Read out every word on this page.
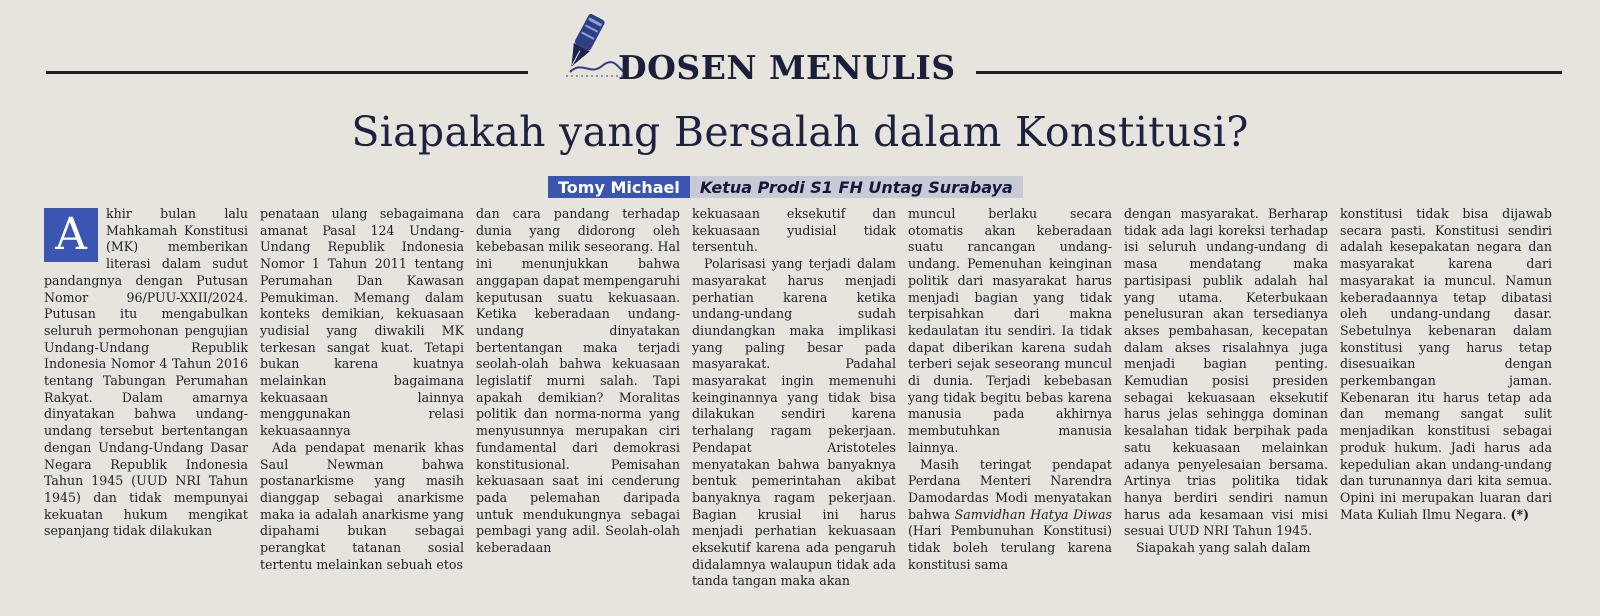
DOSEN MENULIS
Siapakah yang Bersalah dalam Konstitusi?
Tomy Michael	Ketua Prodi S1 FH Untag Surabaya

A	khir bulan lalu Mahkamah Konstitusi (MK) memberikan literasi dalam sudut pandangnya dengan Putusan Nomor 96/PUU-XXII/2024. Putusan itu mengabulkan seluruh permohonan pengujian Undang-Undang Republik Indonesia Nomor 4 Tahun 2016 tentang Tabungan Perumahan Rakyat. Dalam amarnya dinyatakan bahwa undang-undang tersebut bertentangan dengan Undang-Undang Dasar Negara Republik Indonesia Tahun 1945 (UUD NRI Tahun 1945) dan tidak mempunyai kekuatan hukum mengikat sepanjang tidak dilakukan

penataan ulang sebagaimana amanat Pasal 124 Undang-Undang Republik Indonesia Nomor 1 Tahun 2011 tentang Perumahan Dan Kawasan Pemukiman. Memang dalam konteks demikian, kekuasaan yudisial yang diwakili MK terkesan sangat kuat. Tetapi bukan karena kuatnya melainkan bagaimana kekuasaan lainnya menggunakan relasi kekuasaannya

Ada pendapat menarik khas Saul Newman bahwa postanarkisme yang masih dianggap sebagai anarkisme maka ia adalah anarkisme yang dipahami bukan sebagai perangkat tatanan sosial tertentu melainkan sebuah etos

dan cara pandang terhadap dunia yang didorong oleh kebebasan milik seseorang. Hal ini menunjukkan bahwa anggapan dapat mempengaruhi keputusan suatu kekuasaan. Ketika keberadaan undang-undang dinyatakan bertentangan maka terjadi seolah-olah bahwa kekuasaan legislatif murni salah. Tapi apakah demikian? Moralitas politik dan norma-norma yang menyusunnya merupakan ciri fundamental dari demokrasi konstitusional. Pemisahan kekuasaan saat ini cenderung pada pelemahan daripada untuk mendukungnya sebagai pembagi yang adil. Seolah-olah keberadaan

kekuasaan eksekutif dan kekuasaan yudisial tidak tersentuh.

Polarisasi yang terjadi dalam masyarakat harus menjadi perhatian karena ketika undang-undang sudah diundangkan maka implikasi yang paling besar pada masyarakat. Padahal masyarakat ingin memenuhi keinginannya yang tidak bisa dilakukan sendiri karena terhalang ragam pekerjaan. Pendapat Aristoteles menyatakan bahwa banyaknya bentuk pemerintahan akibat banyaknya ragam pekerjaan. Bagian krusial ini harus menjadi perhatian kekuasaan eksekutif karena ada pengaruh didalamnya walaupun tidak ada tanda tangan maka akan

muncul berlaku secara otomatis akan keberadaan suatu rancangan undang-undang. Pemenuhan keinginan politik dari masyarakat harus menjadi bagian yang tidak terpisahkan dari makna kedaulatan itu sendiri. Ia tidak dapat diberikan karena sudah terberi sejak seseorang muncul di dunia. Terjadi kebebasan yang tidak begitu bebas karena manusia pada akhirnya membutuhkan manusia lainnya.

Masih teringat pendapat Perdana Menteri Narendra Damodardas Modi menyatakan bahwa Samvidhan Hatya Diwas (Hari Pembunuhan Konstitusi) tidak boleh terulang karena konstitusi sama

dengan masyarakat. Berharap tidak ada lagi koreksi terhadap isi seluruh undang-undang di masa mendatang maka partisipasi publik adalah hal yang utama. Keterbukaan penelusuran akan tersedianya akses pembahasan, kecepatan dalam akses risalahnya juga menjadi bagian penting. Kemudian posisi presiden sebagai kekuasaan eksekutif harus jelas sehingga dominan kesalahan tidak berpihak pada satu kekuasaan melainkan adanya penyelesaian bersama. Artinya trias politika tidak hanya berdiri sendiri namun harus ada kesamaan visi misi sesuai UUD NRI Tahun 1945.

Siapakah yang salah dalam

konstitusi tidak bisa dijawab secara pasti. Konstitusi sendiri adalah kesepakatan negara dan masyarakat karena dari masyarakat ia muncul. Namun keberadaannya tetap dibatasi oleh undang-undang dasar. Sebetulnya kebenaran dalam konstitusi yang harus tetap disesuaikan dengan perkembangan jaman. Kebenaran itu harus tetap ada dan memang sangat sulit menjadikan konstitusi sebagai produk hukum. Jadi harus ada kepedulian akan undang-undang dan turunannya dari kita semua. Opini ini merupakan luaran dari Mata Kuliah Ilmu Negara. (*)
